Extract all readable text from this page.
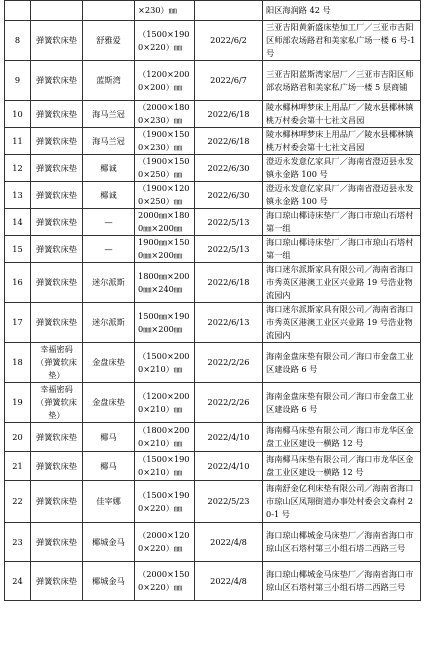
			×230）㎜		阳区海润路 42 号
8	弹簧软床垫	舒雅爱	（1500×1900×220）㎜	2022/6/2	三亚吉阳黄新盛床垫加工厂／三亚市吉阳区师部农场路君和美家私广场一楼 6 号-1 号
9	弹簧软床垫	蓝斯湾	（1200×2000×200）㎜	2022/6/7	三亚吉阳蓝斯湾家居厂／三亚市吉阳区师部农场路君和美家私广场一楼 5 层商铺
10	弹簧软床垫	海马兰冠	（2000×1800×230）㎜	2022/6/18	陵水椰林呷梦床上用品厂／陵水县椰林镇桃万村委会第十七社文昌园
11	弹簧软床垫	海马兰冠	（1900×1500×230）㎜	2022/6/18	陵水椰林呷梦床上用品厂／陵水县椰林镇桃万村委会第十七社文昌园
12	弹簧软床垫	椰诚	（1900×1500×250）㎜	2022/6/30	澄迈永发意亿家具厂／海南省澄迈县永发镇永金路 100 号
13	弹簧软床垫	椰诚	（1900×1200×250）㎜	2022/6/30	澄迈永发意亿家具厂／海南省澄迈县永发镇永金路 100 号
14	弹簧软床垫	—	2000㎜×1800㎜×200㎜	2022/5/13	海口琼山椰诗床垫厂／海口市琼山石塔村第一组
15	弹簧软床垫	—	1900㎜×1500㎜×200㎜	2022/5/13	海口琼山椰诗床垫厂／海口市琼山石塔村第一组
16	弹簧软床垫	迷尔派斯	1800㎜×2000㎜×240㎜	2022/6/18	海口迷尔派斯家具有限公司／海南省海口市秀英区港澳工业区兴业路 19 号浩业物流园内
17	弹簧软床垫	迷尔派斯	1500㎜×1900㎜×200㎜	2022/6/13	海口迷尔派斯家具有限公司／海南省海口市秀英区港澳工业区兴业路 19 号浩业物流园内
18	幸福密码（弹簧软床垫）	金盘床垫	（1500×2000×210）㎜	2022/2/26	海南金盘床垫有限公司／海口市金盘工业区建设路 6 号
19	幸福密码（弹簧软床垫）	金盘床垫	（1200×2000×210）㎜	2022/2/26	海南金盘床垫有限公司／海口市金盘工业区建设路 6 号
20	弹簧软床垫	椰马	（1800×2000×210）㎜	2022/4/10	海南椰马床垫有限公司／海口市龙华区金盘工业区建设一横路 12 号
21	弹簧软床垫	椰马	（1500×1900×210）㎜	2022/4/10	海南椰马床垫有限公司／海口市龙华区金盘工业区建设一横路 12 号
22	弹簧软床垫	佳宰娜	（1500×1900×220）㎜	2022/5/23	海南舒金亿利床垫有限公司／海南省海口市琼山区凤翔街道办事处村委会文森村 20-1 号
23	弹簧软床垫	椰城金马	（2000×1200×220）㎜	2022/4/8	海口琼山椰城金马床垫厂／海南省海口市琼山区石塔村第三小组石塔二西路三号
24	弹簧软床垫	椰城金马	（2000×1500×220）㎜	2022/4/8	海口琼山椰城金马床垫厂／海南省海口市琼山区石塔村第三小组石塔二西路三号
